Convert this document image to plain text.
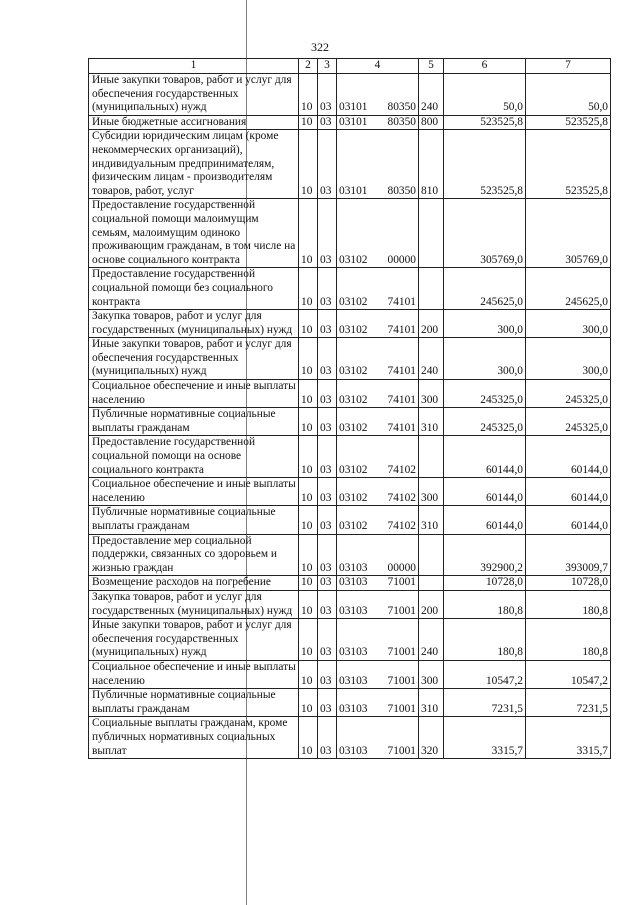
322
1	2	3	4	5	6	7
Иные закупки товаров, работ и услуг для обеспечения государственных (муниципальных) нужд	10	03	03101 80350	240	50,0	50,0
Иные бюджетные ассигнования	10	03	03101 80350	800	523525,8	523525,8
Субсидии юридическим лицам (кроме некоммерческих организаций), индивидуальным предпринимателям, физическим лицам - производителям товаров, работ, услуг	10	03	03101 80350	810	523525,8	523525,8
Предоставление государственной социальной помощи малоимущим семьям, малоимущим одиноко проживающим гражданам, в том числе на основе социального контракта	10	03	03102 00000		305769,0	305769,0
Предоставление государственной социальной помощи без социального контракта	10	03	03102 74101		245625,0	245625,0
Закупка товаров, работ и услуг для государственных (муниципальных) нужд	10	03	03102 74101	200	300,0	300,0
Иные закупки товаров, работ и услуг для обеспечения государственных (муниципальных) нужд	10	03	03102 74101	240	300,0	300,0
Социальное обеспечение и иные выплаты населению	10	03	03102 74101	300	245325,0	245325,0
Публичные нормативные социальные выплаты гражданам	10	03	03102 74101	310	245325,0	245325,0
Предоставление государственной социальной помощи на основе социального контракта	10	03	03102 74102		60144,0	60144,0
Социальное обеспечение и иные выплаты населению	10	03	03102 74102	300	60144,0	60144,0
Публичные нормативные социальные выплаты гражданам	10	03	03102 74102	310	60144,0	60144,0
Предоставление мер социальной поддержки, связанных со здоровьем и жизнью граждан	10	03	03103 00000		392900,2	393009,7
Возмещение расходов на погребение	10	03	03103 71001		10728,0	10728,0
Закупка товаров, работ и услуг для государственных (муниципальных) нужд	10	03	03103 71001	200	180,8	180,8
Иные закупки товаров, работ и услуг для обеспечения государственных (муниципальных) нужд	10	03	03103 71001	240	180,8	180,8
Социальное обеспечение и иные выплаты населению	10	03	03103 71001	300	10547,2	10547,2
Публичные нормативные социальные выплаты гражданам	10	03	03103 71001	310	7231,5	7231,5
Социальные выплаты гражданам, кроме публичных нормативных социальных выплат	10	03	03103 71001	320	3315,7	3315,7
